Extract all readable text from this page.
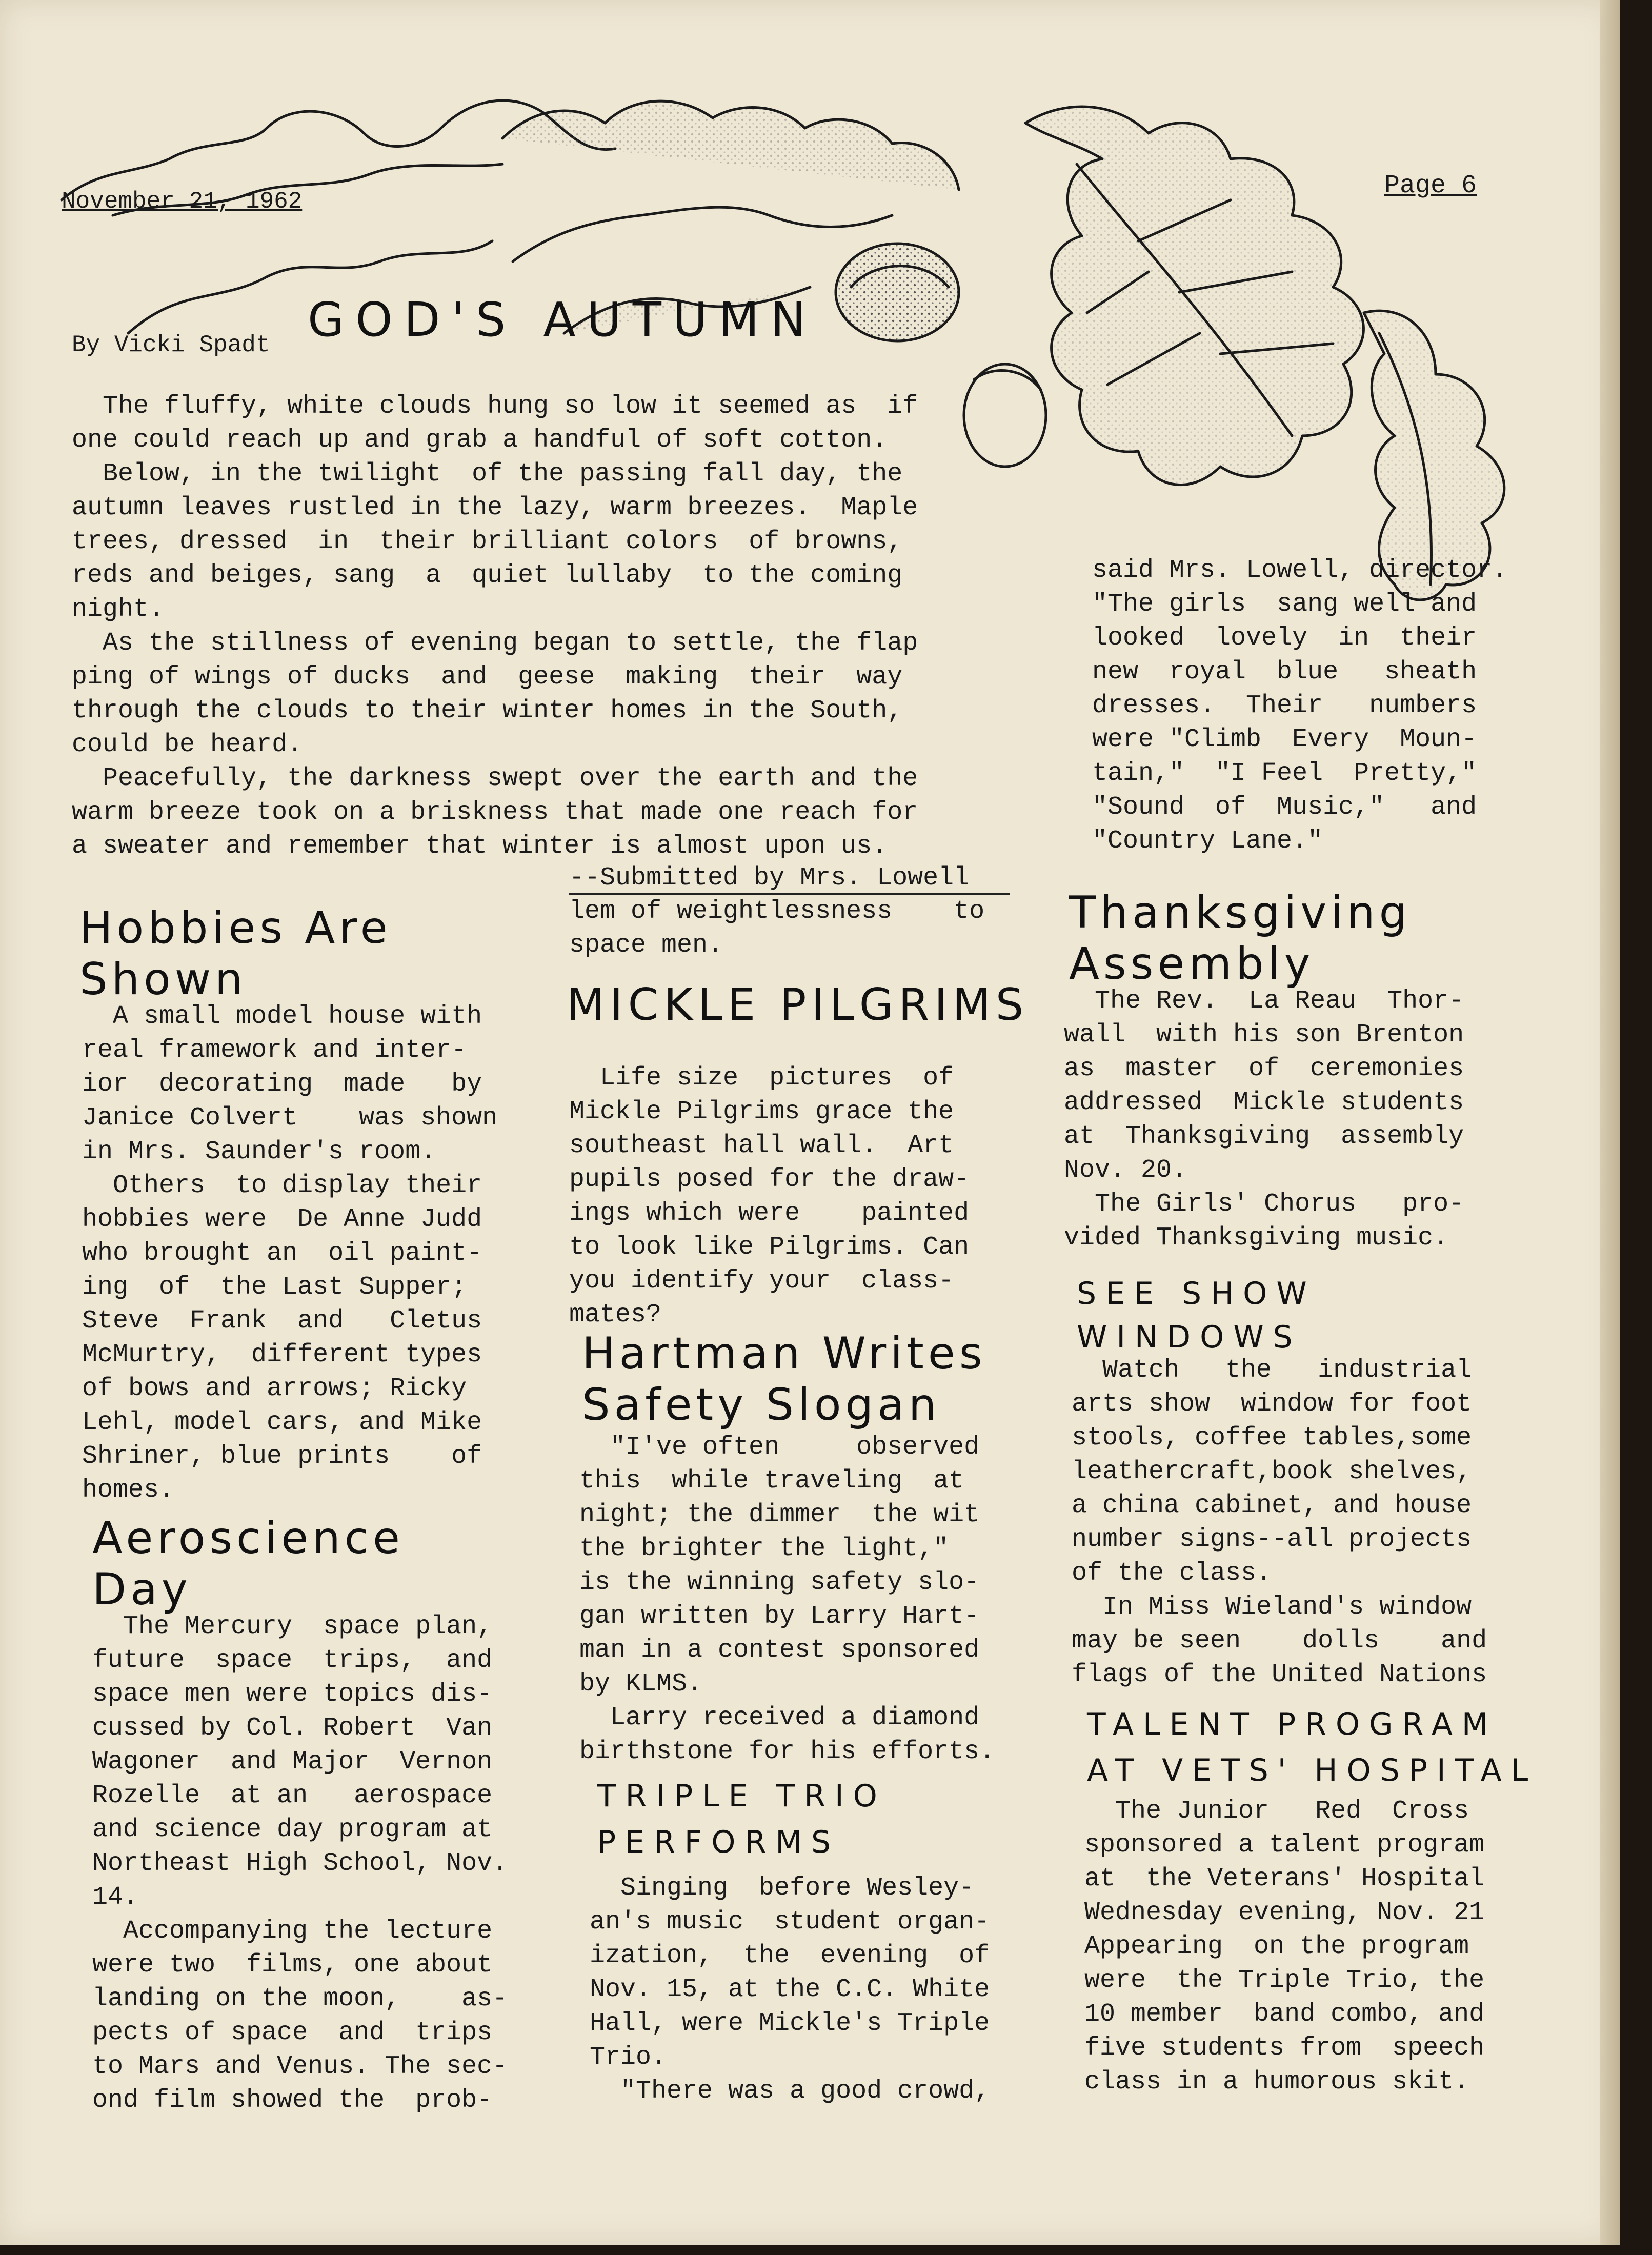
November 21, 1962
Page 6
By Vicki Spadt GOD'S AUTUMN
The fluffy, white clouds hung so low it seemed as  if
one could reach up and grab a handful of soft cotton.
Below, in the twilight  of the passing fall day, the
autumn leaves rustled in the lazy, warm breezes.  Maple
trees, dressed  in  their brilliant colors  of browns,
reds and beiges, sang  a  quiet lullaby  to the coming
night.
As the stillness of evening began to settle, the flap
ping of wings of ducks  and  geese  making  their  way
through the clouds to their winter homes in the South,
could be heard.
Peacefully, the darkness swept over the earth and the
warm breeze took on a briskness that made one reach for
a sweater and remember that winter is almost upon us.
--Submitted by Mrs. Lowell
said Mrs. Lowell, director.
"The girls  sang well and
looked  lovely  in  their
new  royal  blue   sheath
dresses.  Their   numbers
were "Climb  Every  Moun-
tain,"  "I Feel  Pretty,"
"Sound  of  Music,"   and
"Country Lane."
Hobbies Are
Shown
A small model house with
real framework and inter-
ior  decorating  made   by
Janice Colvert    was shown
in Mrs. Saunder's room.
Others  to display their
hobbies were  De Anne Judd
who brought an  oil paint-
ing  of  the Last Supper;
Steve  Frank  and   Cletus
McMurtry,  different types
of bows and arrows; Ricky
Lehl, model cars, and Mike
Shriner, blue prints    of
homes.
Aeroscience
Day
The Mercury  space plan,
future  space  trips,  and
space men were topics dis-
cussed by Col. Robert  Van
Wagoner  and Major  Vernon
Rozelle  at an   aerospace
and science day program at
Northeast High School, Nov.
14.
Accompanying the lecture
were two  films, one about
landing on the moon,    as-
pects of space  and  trips
to Mars and Venus. The sec-
ond film showed the  prob-
lem of weightlessness    to
space men.
MICKLE PILGRIMS
Life size  pictures  of
Mickle Pilgrims grace the
southeast hall wall.  Art
pupils posed for the draw-
ings which were    painted
to look like Pilgrims. Can
you identify your  class-
mates?
Hartman Writes
Safety Slogan
"I've often     observed
this  while traveling  at
night; the dimmer  the wit
the brighter the light,"
is the winning safety slo-
gan written by Larry Hart-
man in a contest sponsored
by KLMS.
Larry received a diamond
birthstone for his efforts.
TRIPLE TRIO
PERFORMS
Singing  before Wesley-
an's music  student organ-
ization,  the  evening  of
Nov. 15, at the C.C. White
Hall, were Mickle's Triple
Trio.
"There was a good crowd,
Thanksgiving
Assembly
The Rev.  La Reau  Thor-
wall  with his son Brenton
as  master  of  ceremonies
addressed  Mickle students
at  Thanksgiving  assembly
Nov. 20.
The Girls' Chorus   pro-
vided Thanksgiving music.
SEE SHOW
WINDOWS
Watch   the   industrial
arts show  window for foot
stools, coffee tables,some
leathercraft,book shelves,
a china cabinet, and house
number signs--all projects
of the class.
In Miss Wieland's window
may be seen    dolls    and
flags of the United Nations
TALENT PROGRAM
AT VETS' HOSPITAL
The Junior   Red  Cross
sponsored a talent program
at  the Veterans' Hospital
Wednesday evening, Nov. 21
Appearing  on the program
were  the Triple Trio, the
10 member  band combo, and
five students from  speech
class in a humorous skit.
